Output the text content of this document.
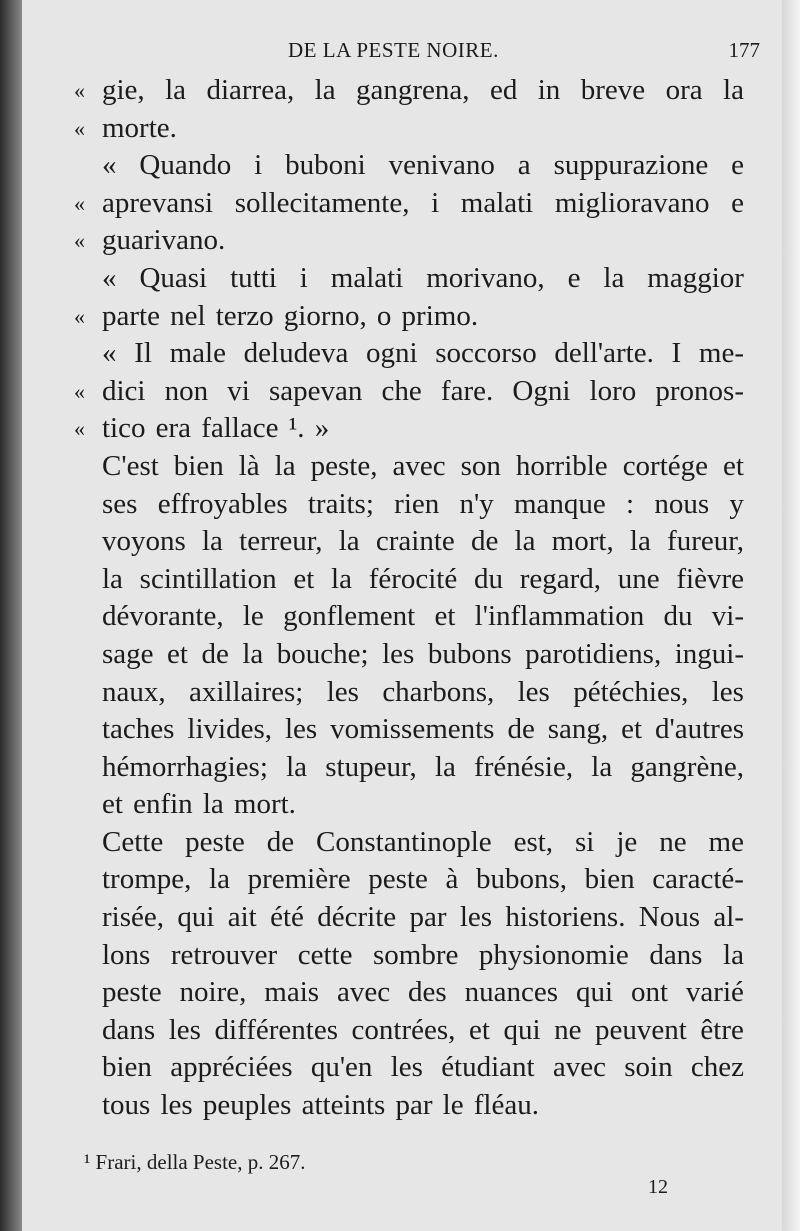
DE LA PESTE NOIRE.	177
« gie, la diarrea, la gangrena, ed in breve ora la
« morte.
« Quando i buboni venivano a suppurazione e
« aprevansi sollecitamente, i malati miglioravano e
« guarivano.
« Quasi tutti i malati morivano, e la maggior
« parte nel terzo giorno, o primo.
« Il male deludeva ogni soccorso dell'arte. I me-
« dici non vi sapevan che fare. Ogni loro pronos-
« tico era fallace ¹. »
C'est bien là la peste, avec son horrible cortége et
ses effroyables traits; rien n'y manque : nous y
voyons la terreur, la crainte de la mort, la fureur,
la scintillation et la férocité du regard, une fièvre
dévorante, le gonflement et l'inflammation du vi-
sage et de la bouche; les bubons parotidiens, ingui-
naux, axillaires; les charbons, les pétéchies, les
taches livides, les vomissements de sang, et d'autres
hémorrhagies; la stupeur, la frénésie, la gangrène,
et enfin la mort.
Cette peste de Constantinople est, si je ne me
trompe, la première peste à bubons, bien caracté-
risée, qui ait été décrite par les historiens. Nous al-
lons retrouver cette sombre physionomie dans la
peste noire, mais avec des nuances qui ont varié
dans les différentes contrées, et qui ne peuvent être
bien appréciées qu'en les étudiant avec soin chez
tous les peuples atteints par le fléau.
¹ Frari, della Peste, p. 267.
12
